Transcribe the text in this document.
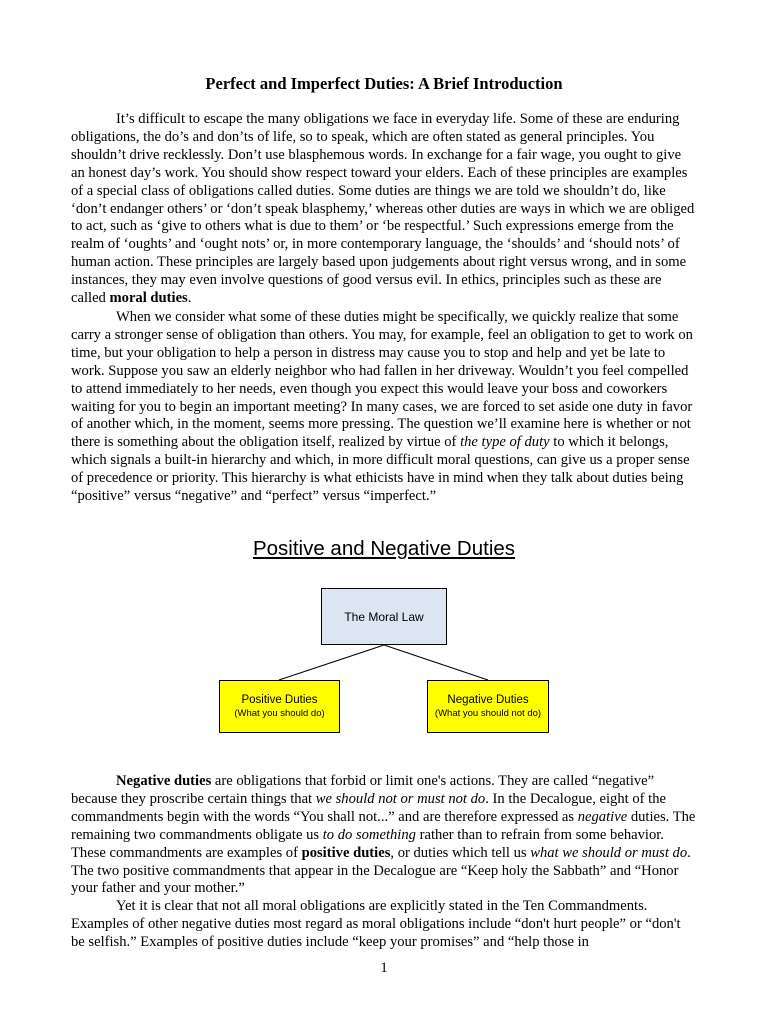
Perfect and Imperfect Duties: A Brief Introduction

It’s difficult to escape the many obligations we face in everyday life. Some of these are enduring obligations, the do’s and don’ts of life, so to speak, which are often stated as general principles. You shouldn’t drive recklessly. Don’t use blasphemous words. In exchange for a fair wage, you ought to give an honest day’s work. You should show respect toward your elders. Each of these principles are examples of a special class of obligations called duties. Some duties are things we are told we shouldn’t do, like ‘don’t endanger others’ or ‘don’t speak blasphemy,’ whereas other duties are ways in which we are obliged to act, such as ‘give to others what is due to them’ or ‘be respectful.’ Such expressions emerge from the realm of ‘oughts’ and ‘ought nots’ or, in more contemporary language, the ‘shoulds’ and ‘should nots’ of human action. These principles are largely based upon judgements about right versus wrong, and in some instances, they may even involve questions of good versus evil. In ethics, principles such as these are called moral duties.

When we consider what some of these duties might be specifically, we quickly realize that some carry a stronger sense of obligation than others. You may, for example, feel an obligation to get to work on time, but your obligation to help a person in distress may cause you to stop and help and yet be late to work. Suppose you saw an elderly neighbor who had fallen in her driveway. Wouldn’t you feel compelled to attend immediately to her needs, even though you expect this would leave your boss and coworkers waiting for you to begin an important meeting? In many cases, we are forced to set aside one duty in favor of another which, in the moment, seems more pressing. The question we’ll examine here is whether or not there is something about the obligation itself, realized by virtue of the type of duty to which it belongs, which signals a built-in hierarchy and which, in more difficult moral questions, can give us a proper sense of precedence or priority. This hierarchy is what ethicists have in mind when they talk about duties being “positive” versus “negative” and “perfect” versus “imperfect.”

Positive and Negative Duties
The Moral Law
Positive Duties
(What you should do)
Negative Duties
(What you should not do)

Negative duties are obligations that forbid or limit one's actions. They are called “negative” because they proscribe certain things that we should not or must not do. In the Decalogue, eight of the commandments begin with the words “You shall not...” and are therefore expressed as negative duties. The remaining two commandments obligate us to do something rather than to refrain from some behavior. These commandments are examples of positive duties, or duties which tell us what we should or must do. The two positive commandments that appear in the Decalogue are “Keep holy the Sabbath” and “Honor your father and your mother.”

Yet it is clear that not all moral obligations are explicitly stated in the Ten Commandments. Examples of other negative duties most regard as moral obligations include “don't hurt people” or “don't be selfish.” Examples of positive duties include “keep your promises” and “help those in

1
